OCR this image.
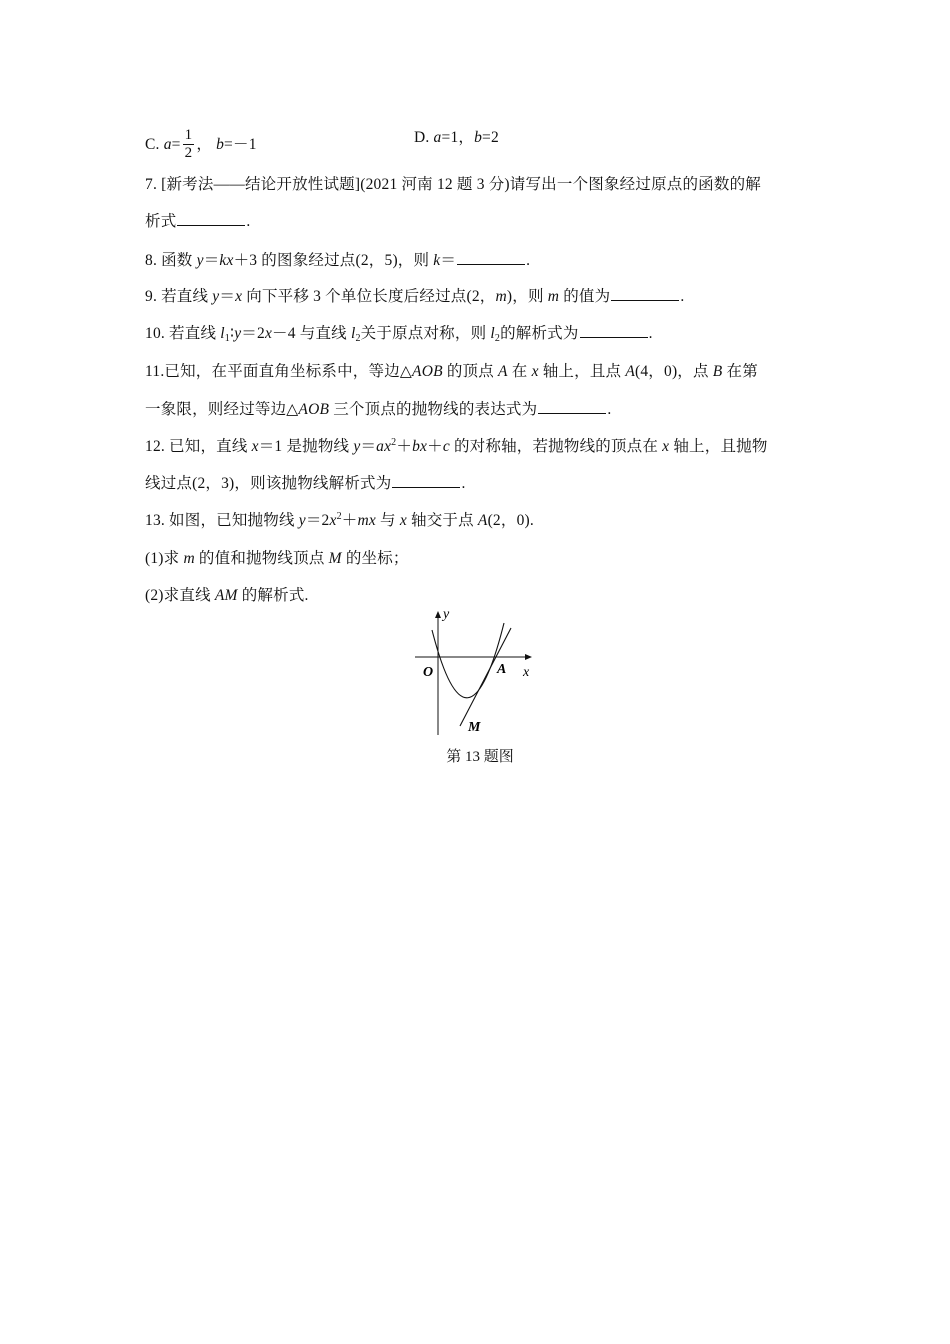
C. $a= \frac{1}{2}$ ， b=－1	D. a=1，b=2
7. [新考法——结论开放性试题](2021 河南 12 题 3 分)请写出一个图象经过原点的函数的解
析式	.
8. 函数 y＝kx＋3 的图象经过点(2，5)，则 k＝	.
9. 若直线 y＝x 向下平移 3 个单位长度后经过点(2，m)，则 m 的值为	.
10. 若直线 $l_1∶y=2x-4$ 与直线 $l_2$关于原点对称，则 $l_2$的解析式为	.
11.已知，在平面直角坐标系中，等边△AOB 的顶点 A 在 x 轴上，且点 A(4，0)，点 B 在第
一象限，则经过等边△AOB 三个顶点的抛物线的表达式为	.
12. 已知，直线 x＝1 是抛物线 $y=ax^2+bx+c$ 的对称轴，若抛物线的顶点在 x 轴上，且抛物
线过点(2，3)，则该抛物线解析式为	.
13. 如图，已知抛物线 $y=2x^2+mx$ 与 x 轴交于点 A(2，0).
(1)求 m 的值和抛物线顶点 M 的坐标；
(2)求直线 AM 的解析式.
y
x
O	A
M
第 13 题图
